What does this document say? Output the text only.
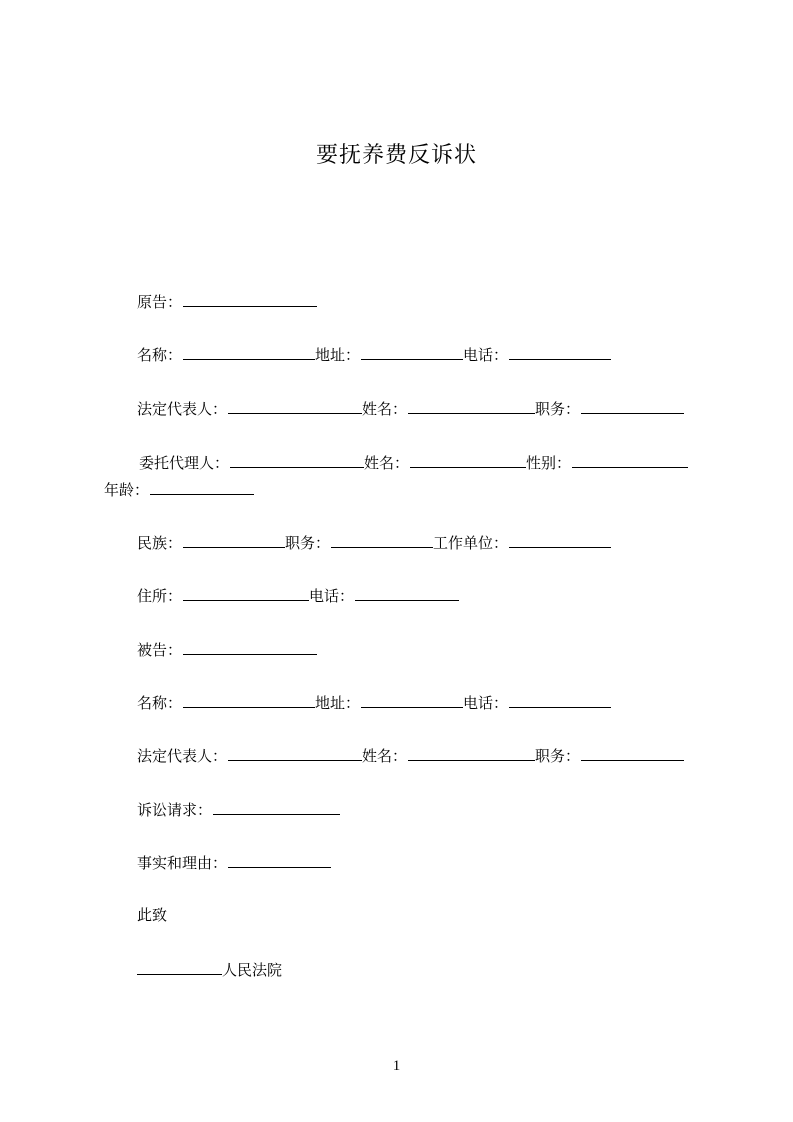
要抚养费反诉状
原告：
名称：	地址：	电话：
法定代表人：	姓名：	职务：
委托代理人：	姓名：	性别：
年龄：
民族：	职务：	工作单位：
住所：	电话：
被告：
名称：	地址：	电话：
法定代表人：	姓名：	职务：
诉讼请求：
事实和理由：
此致
人民法院
1
